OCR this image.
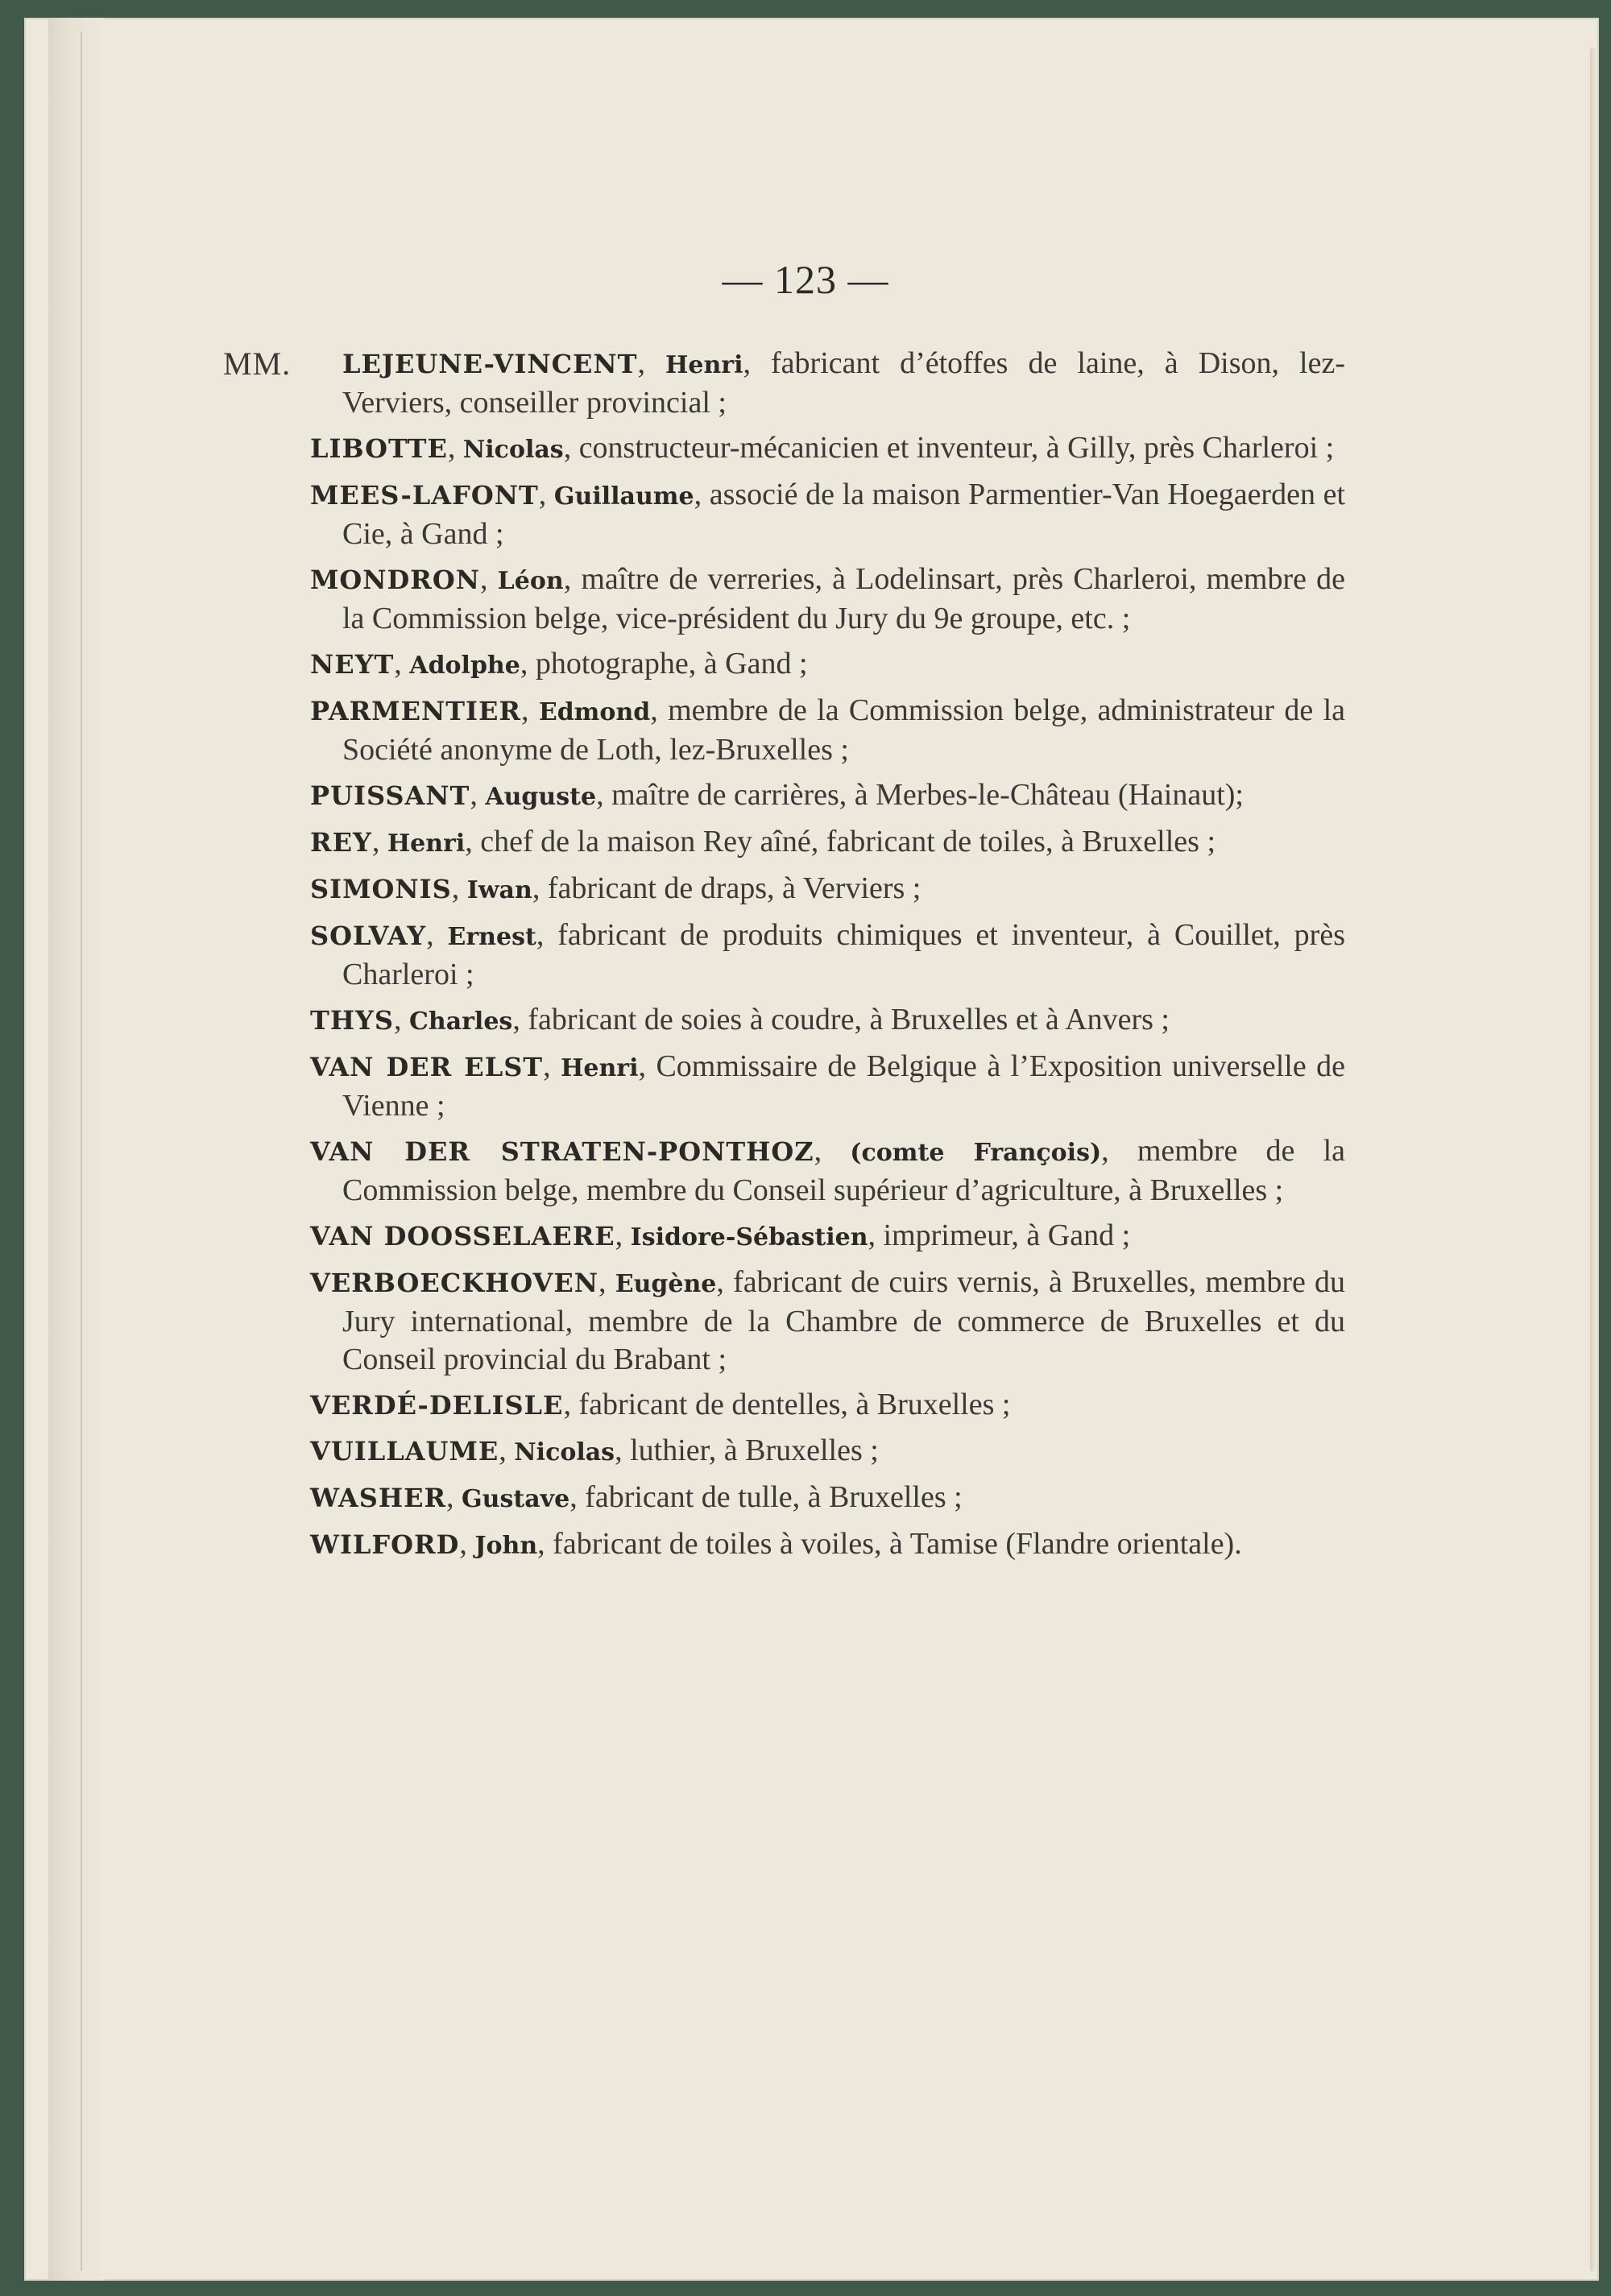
— 123 —
MM.	LEJEUNE-VINCENT, Henri, fabricant d’étoffes de laine, à Dison, lez-Verviers, conseiller provincial ;
LIBOTTE, Nicolas, constructeur-mécanicien et inventeur, à Gilly, près Charleroi ;
MEES-LAFONT, Guillaume, associé de la maison Parmentier-Van Hoegaerden et Cie, à Gand ;
MONDRON, Léon, maître de verreries, à Lodelinsart, près Charleroi, membre de la Commission belge, vice-président du Jury du 9e groupe, etc. ;
NEYT, Adolphe, photographe, à Gand ;
PARMENTIER, Edmond, membre de la Commission belge, administrateur de la Société anonyme de Loth, lez-Bruxelles ;
PUISSANT, Auguste, maître de carrières, à Merbes-le-Château (Hainaut);
REY, Henri, chef de la maison Rey aîné, fabricant de toiles, à Bruxelles ;
SIMONIS, Iwan, fabricant de draps, à Verviers ;
SOLVAY, Ernest, fabricant de produits chimiques et inventeur, à Couillet, près Charleroi ;
THYS, Charles, fabricant de soies à coudre, à Bruxelles et à Anvers ;
VAN DER ELST, Henri, Commissaire de Belgique à l’Exposition universelle de Vienne ;
VAN DER STRATEN-PONTHOZ, (comte François), membre de la Commission belge, membre du Conseil supérieur d’agriculture, à Bruxelles ;
VAN DOOSSELAERE, Isidore-Sébastien, imprimeur, à Gand ;
VERBOECKHOVEN, Eugène, fabricant de cuirs vernis, à Bruxelles, membre du Jury international, membre de la Chambre de commerce de Bruxelles et du Conseil provincial du Brabant ;
VERDÉ-DELISLE, fabricant de dentelles, à Bruxelles ;
VUILLAUME, Nicolas, luthier, à Bruxelles ;
WASHER, Gustave, fabricant de tulle, à Bruxelles ;
WILFORD, John, fabricant de toiles à voiles, à Tamise (Flandre orientale).
